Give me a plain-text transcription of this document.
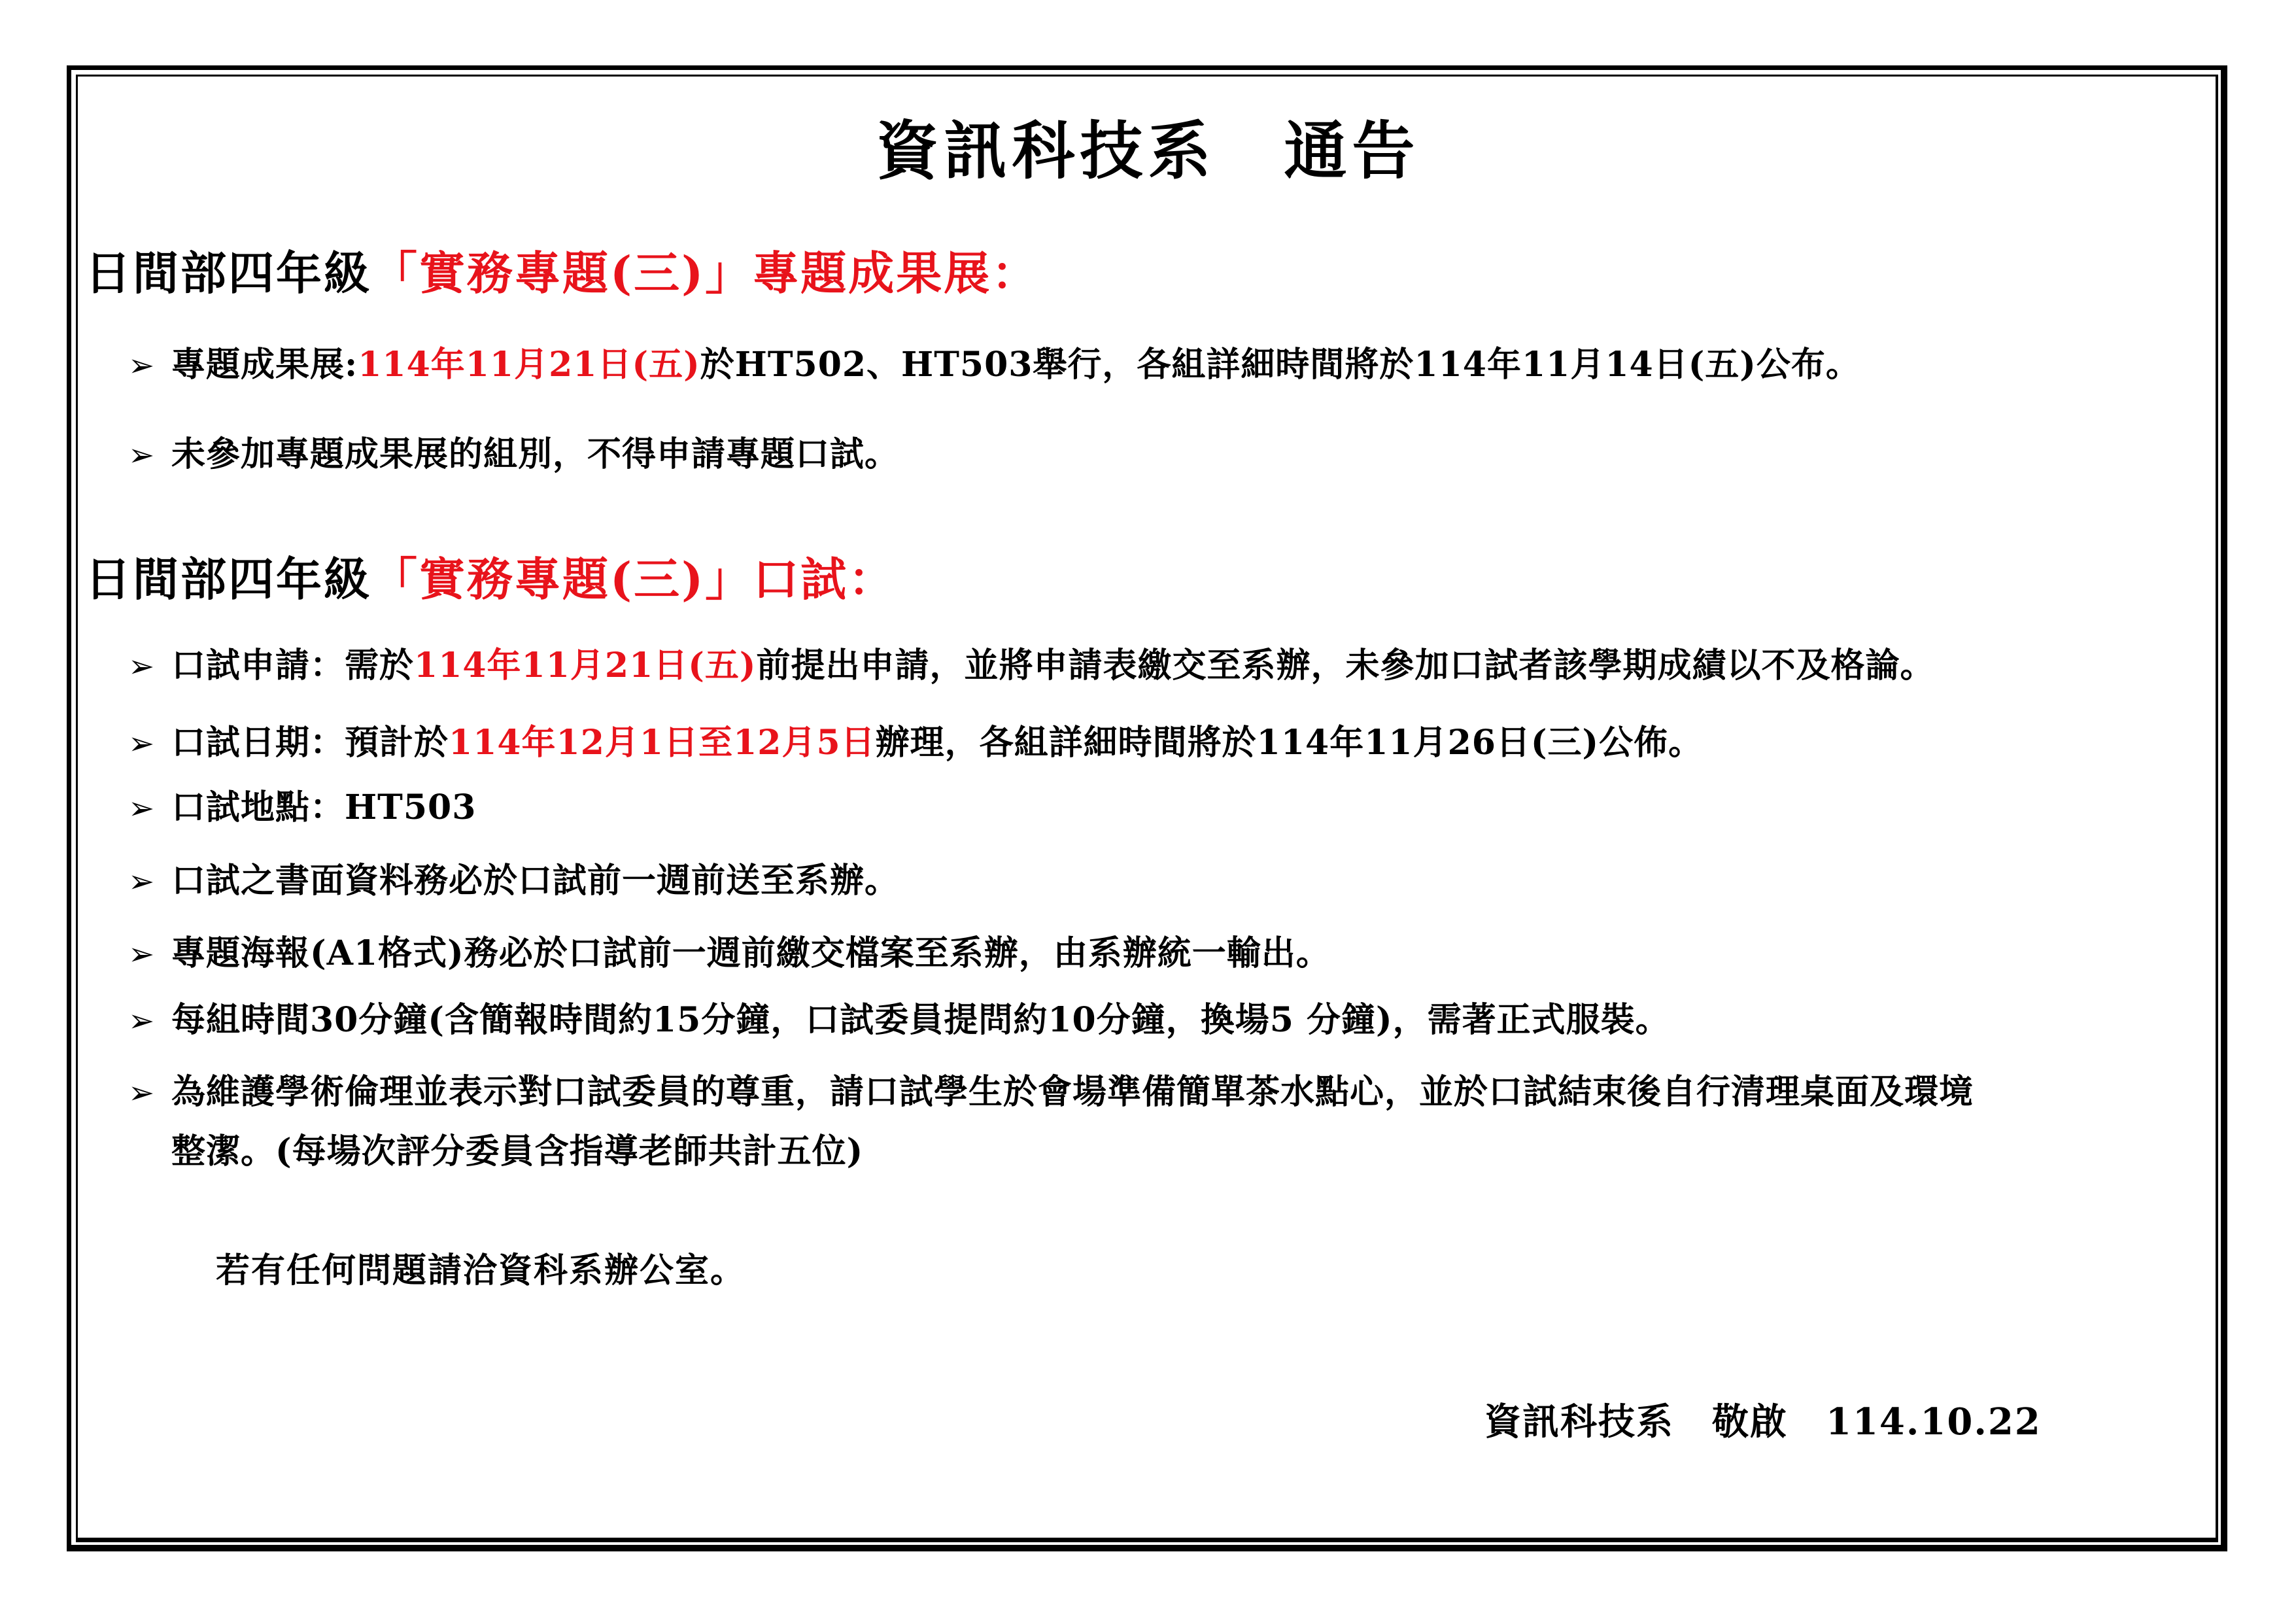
資訊科技系　通告
日間部四年級「實務專題(三)」專題成果展：
➢ 專題成果展:114年11月21日(五)於HT502、HT503舉行，各組詳細時間將於114年11月14日(五)公布。
➢ 未參加專題成果展的組別，不得申請專題口試。
日間部四年級「實務專題(三)」口試：
➢ 口試申請：需於114年11月21日(五)前提出申請，並將申請表繳交至系辦，未參加口試者該學期成績以不及格論。
➢ 口試日期：預計於114年12月1日至12月5日辦理，各組詳細時間將於114年11月26日(三)公佈。
➢ 口試地點：HT503
➢ 口試之書面資料務必於口試前一週前送至系辦。
➢ 專題海報(A1格式)務必於口試前一週前繳交檔案至系辦，由系辦統一輸出。
➢ 每組時間30分鐘(含簡報時間約15分鐘，口試委員提問約10分鐘，換場5 分鐘)，需著正式服裝。
➢ 為維護學術倫理並表示對口試委員的尊重，請口試學生於會場準備簡單茶水點心，並於口試結束後自行清理桌面及環境
整潔。(每場次評分委員含指導老師共計五位)
若有任何問題請洽資科系辦公室。
資訊科技系　敬啟　114.10.22
